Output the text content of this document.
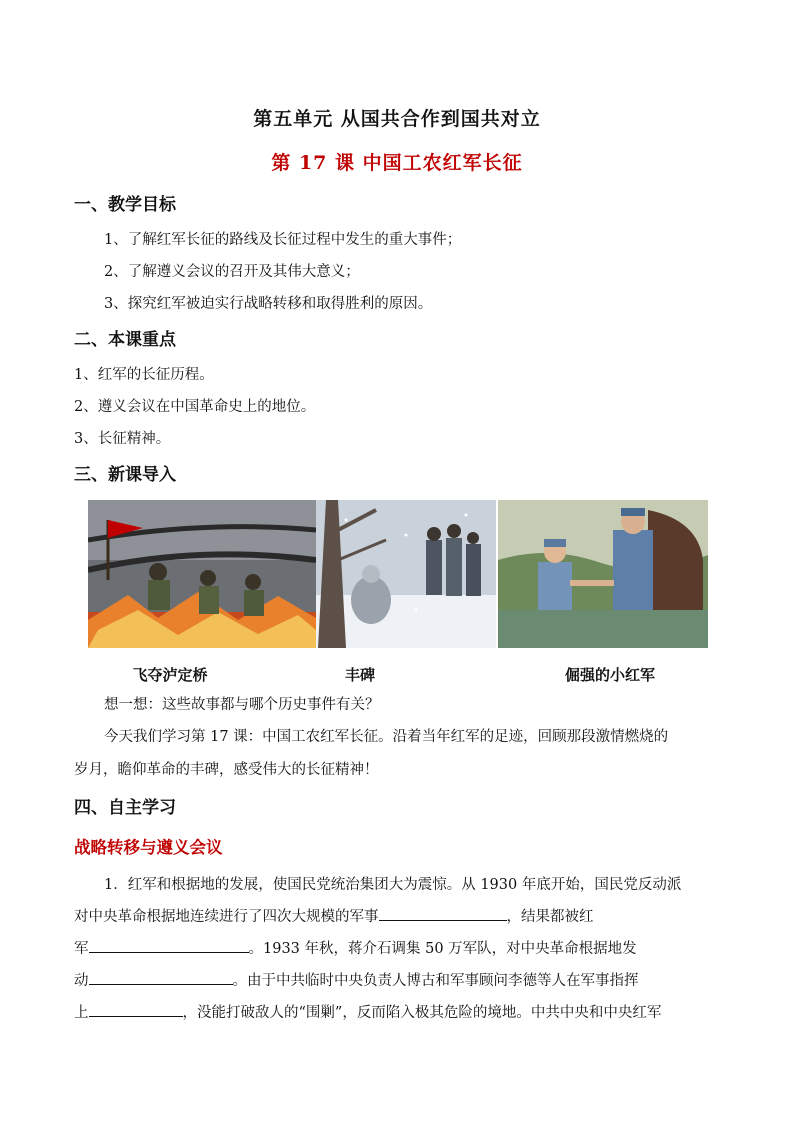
第五单元 从国共合作到国共对立
第 17 课 中国工农红军长征
一、教学目标
1、了解红军长征的路线及长征过程中发生的重大事件；
2、了解遵义会议的召开及其伟大意义；
3、探究红军被迫实行战略转移和取得胜利的原因。
二、本课重点
1、红军的长征历程。
2、遵义会议在中国革命史上的地位。
3、长征精神。
三、新课导入
飞夺泸定桥	丰碑	倔强的小红军
想一想：这些故事都与哪个历史事件有关？
今天我们学习第 17 课：中国工农红军长征。沿着当年红军的足迹，回顾那段激情燃烧的
岁月，瞻仰革命的丰碑，感受伟大的长征精神！
四、自主学习
战略转移与遵义会议
1．红军和根据地的发展，使国民党统治集团大为震惊。从 1930 年底开始，国民党反动派
对中央革命根据地连续进行了四次大规模的军事	，结果都被红
军	。1933 年秋，蒋介石调集 50 万军队，对中央革命根据地发
动	。由于中共临时中央负责人博古和军事顾问李德等人在军事指挥
上	，没能打破敌人的“围剿”，反而陷入极其危险的境地。中共中央和中央红军
